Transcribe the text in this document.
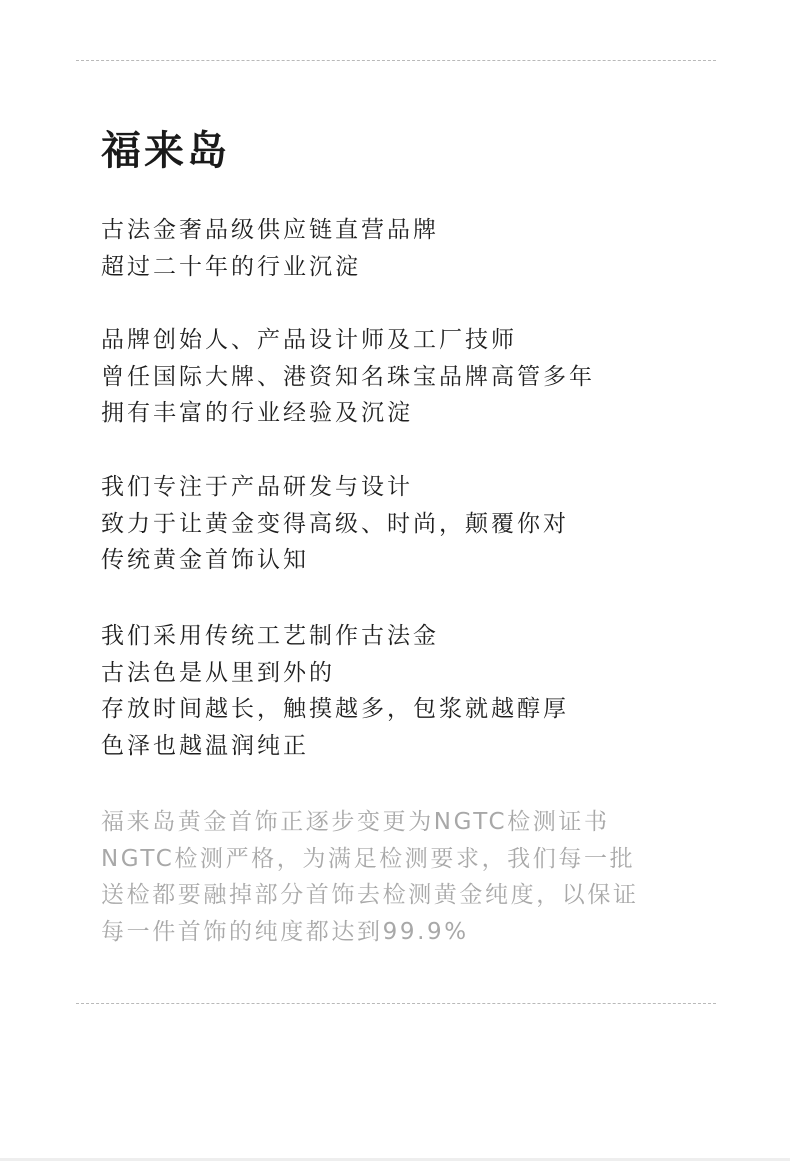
福来岛
古法金奢品级供应链直营品牌
超过二十年的行业沉淀
品牌创始人、产品设计师及工厂技师
曾任国际大牌、港资知名珠宝品牌高管多年
拥有丰富的行业经验及沉淀
我们专注于产品研发与设计
致力于让黄金变得高级、时尚，颠覆你对
传统黄金首饰认知
我们采用传统工艺制作古法金
古法色是从里到外的
存放时间越长，触摸越多，包浆就越醇厚
色泽也越温润纯正
福来岛黄金首饰正逐步变更为NGTC检测证书
NGTC检测严格，为满足检测要求，我们每一批
送检都要融掉部分首饰去检测黄金纯度，以保证
每一件首饰的纯度都达到99.9%
